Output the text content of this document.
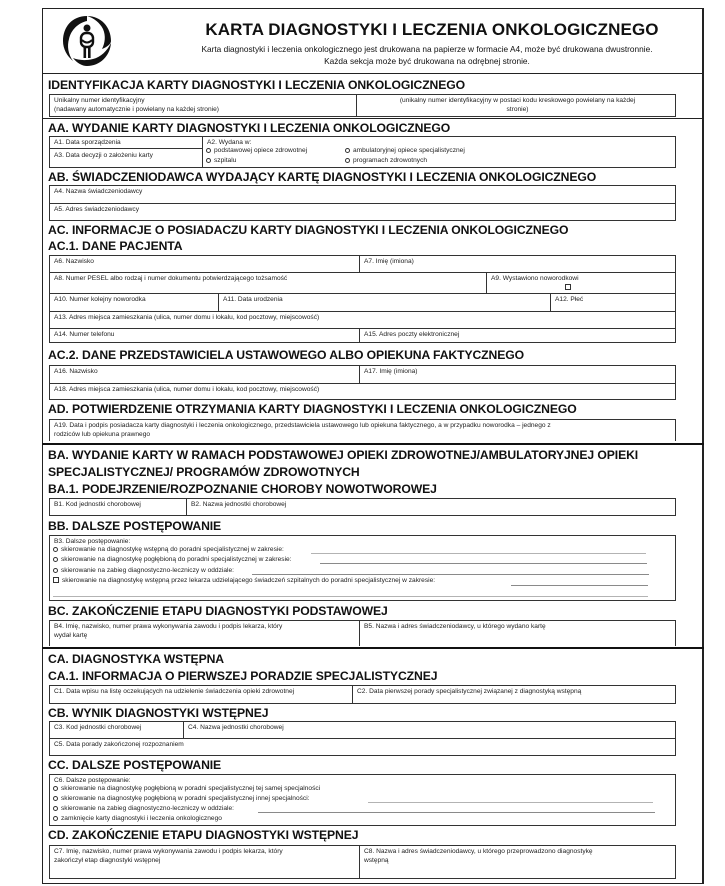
KARTA DIAGNOSTYKI I LECZENIA ONKOLOGICZNEGO
Karta diagnostyki i leczenia onkologicznego jest drukowana na papierze w formacie A4, może być drukowana dwustronnie.
Każda sekcja może być drukowana na odrębnej stronie.
IDENTYFIKACJA KARTY DIAGNOSTYKI I LECZENIA ONKOLOGICZNEGO
Unikalny numer identyfikacyjny
(nadawany automatycznie i powielany na każdej stronie)
(unikalny numer identyfikacyjny w postaci kodu kreskowego powielany na każdej
stronie)
AA. WYDANIE KARTY DIAGNOSTYKI I LECZENIA ONKOLOGICZNEGO
A1. Data sporządzenia
A3. Data decyzji o założeniu karty
A2. Wydana w:
podstawowej opiece zdrowotnej	ambulatoryjnej opiece specjalistycznej
szpitalu	programach zdrowotnych
AB. ŚWIADCZENIODAWCA WYDAJĄCY KARTĘ DIAGNOSTYKI I LECZENIA ONKOLOGICZNEGO
A4. Nazwa świadczeniodawcy
A5. Adres świadczeniodawcy
AC. INFORMACJE O POSIADACZU KARTY DIAGNOSTYKI I LECZENIA ONKOLOGICZNEGO
AC.1. DANE PACJENTA
A6. Nazwisko	A7. Imię (imiona)
A8. Numer PESEL albo rodzaj i numer dokumentu potwierdzającego tożsamość	A9. Wystawiono noworodkowi
A10. Numer kolejny noworodka	A11. Data urodzenia	A12. Płeć
A13. Adres miejsca zamieszkania (ulica, numer domu i lokalu, kod pocztowy, miejscowość)
A14. Numer telefonu	A15. Adres poczty elektronicznej
AC.2. DANE PRZEDSTAWICIELA USTAWOWEGO ALBO OPIEKUNA FAKTYCZNEGO
A16. Nazwisko	A17. Imię (imiona)
A18. Adres miejsca zamieszkania (ulica, numer domu i lokalu, kod pocztowy, miejscowość)
AD. POTWIERDZENIE OTRZYMANIA KARTY DIAGNOSTYKI I LECZENIA ONKOLOGICZNEGO
A19. Data i podpis posiadacza karty diagnostyki i leczenia onkologicznego, przedstawiciela ustawowego lub opiekuna faktycznego, a w przypadku noworodka – jednego z
rodziców lub opiekuna prawnego
BA. WYDANIE KARTY W RAMACH PODSTAWOWEJ OPIEKI ZDROWOTNEJ/AMBULATORYJNEJ OPIEKI
SPECJALISTYCZNEJ/ PROGRAMÓW ZDROWOTNYCH
BA.1. PODEJRZENIE/ROZPOZNANIE CHOROBY NOWOTWOROWEJ
B1. Kod jednostki chorobowej	B2. Nazwa jednostki chorobowej
BB. DALSZE POSTĘPOWANIE
B3. Dalsze postępowanie:
skierowanie na diagnostykę wstępną do poradni specjalistycznej w zakresie:
skierowanie na diagnostykę pogłębioną do poradni specjalistycznej w zakresie:
skierowanie na zabieg diagnostyczno-leczniczy w oddziale:
skierowanie na diagnostykę wstępną przez lekarza udzielającego świadczeń szpitalnych do poradni specjalistycznej w zakresie:
BC. ZAKOŃCZENIE ETAPU DIAGNOSTYKI PODSTAWOWEJ
B4. Imię, nazwisko, numer prawa wykonywania zawodu i podpis lekarza, który
wydał kartę
B5. Nazwa i adres świadczeniodawcy, u którego wydano kartę
CA. DIAGNOSTYKA WSTĘPNA
CA.1. INFORMACJA O PIERWSZEJ PORADZIE SPECJALISTYCZNEJ
C1. Data wpisu na listę oczekujących na udzielenie świadczenia opieki zdrowotnej	C2. Data pierwszej porady specjalistycznej związanej z diagnostyką wstępną
CB. WYNIK DIAGNOSTYKI WSTĘPNEJ
C3. Kod jednostki chorobowej	C4. Nazwa jednostki chorobowej
C5. Data porady zakończonej rozpoznaniem
CC. DALSZE POSTĘPOWANIE
C6. Dalsze postępowanie:
skierowanie na diagnostykę pogłębioną w poradni specjalistycznej tej samej specjalności
skierowanie na diagnostykę pogłębioną w poradni specjalistycznej innej specjalności:
skierowanie na zabieg diagnostyczno-leczniczy w oddziale:
zamknięcie karty diagnostyki i leczenia onkologicznego
CD. ZAKOŃCZENIE ETAPU DIAGNOSTYKI WSTĘPNEJ
C7. Imię, nazwisko, numer prawa wykonywania zawodu i podpis lekarza, który
zakończył etap diagnostyki wstępnej
C8. Nazwa i adres świadczeniodawcy, u którego przeprowadzono diagnostykę
wstępną
